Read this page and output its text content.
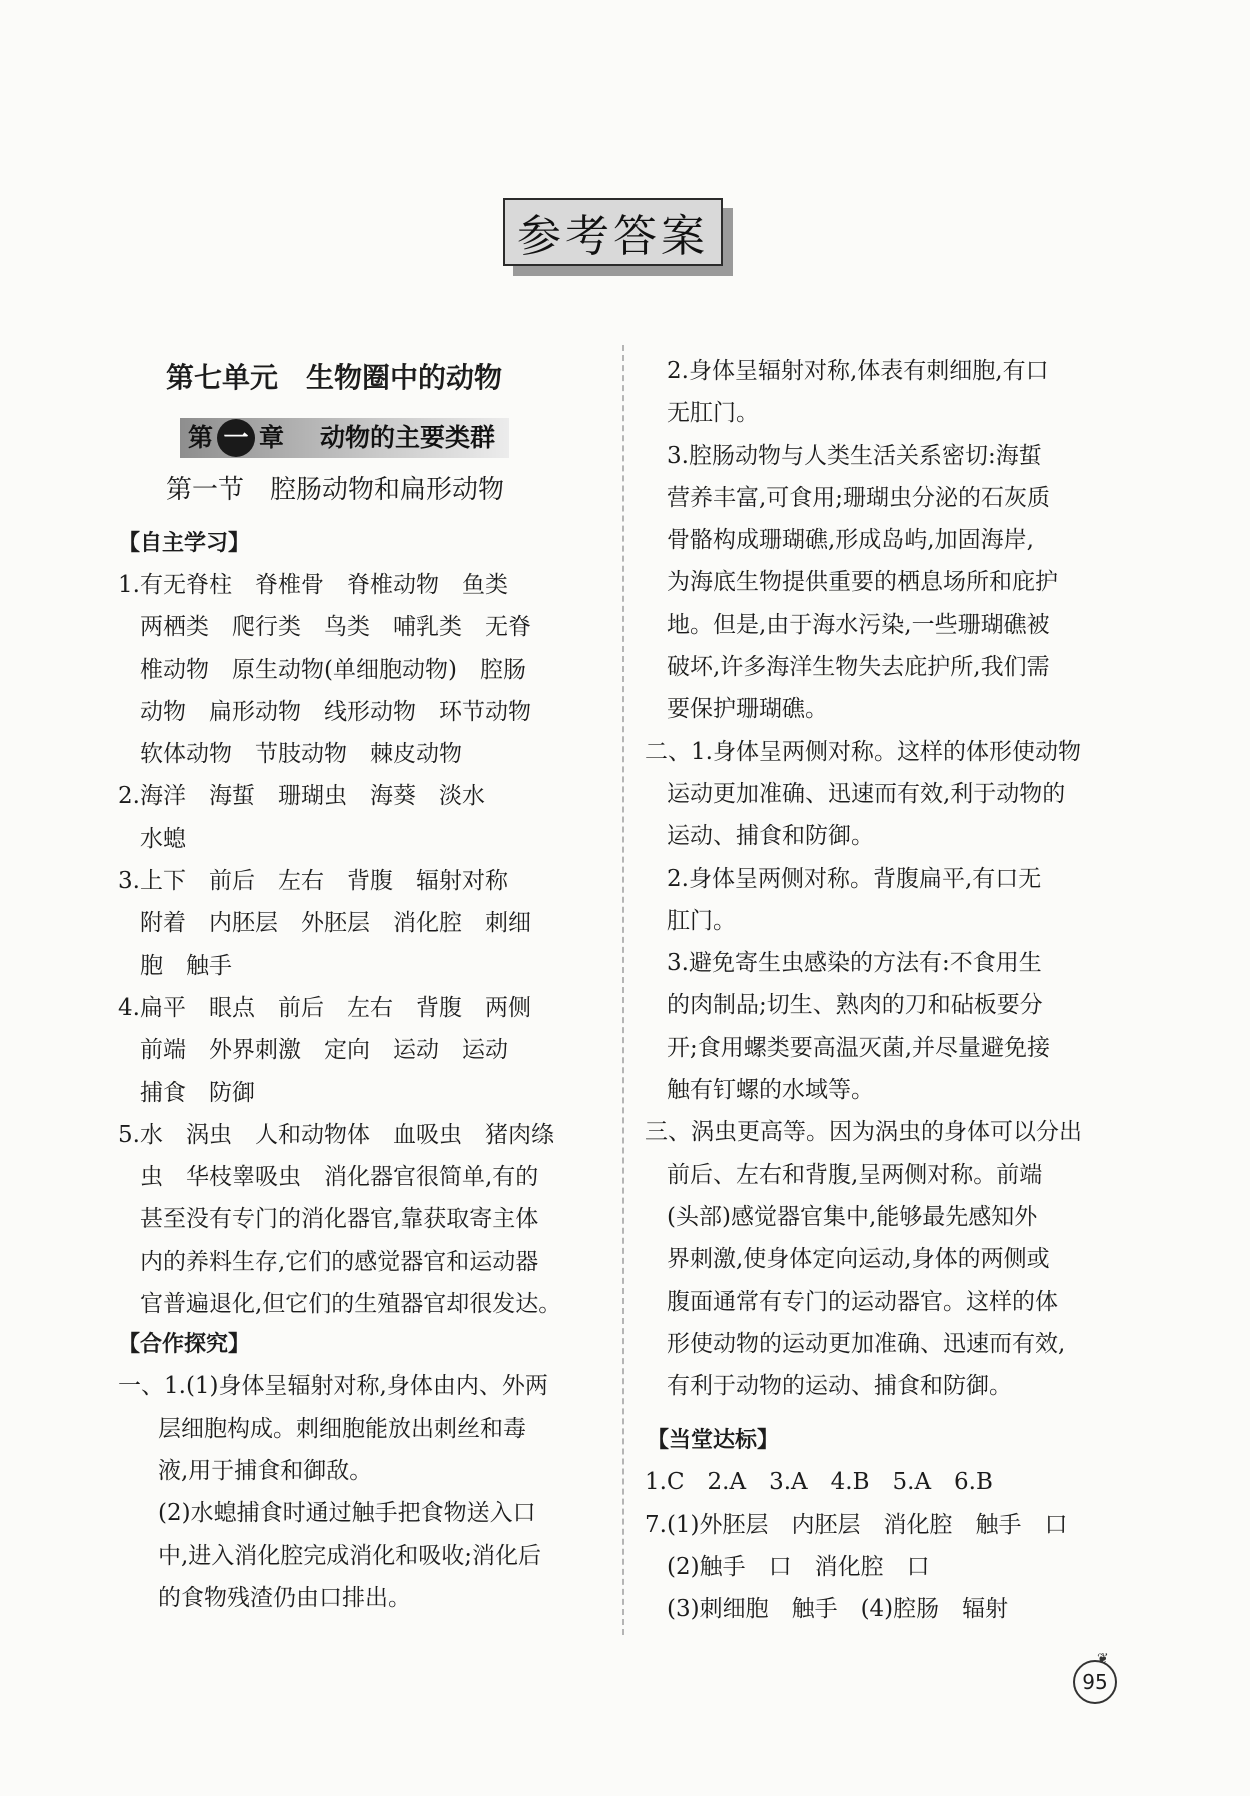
参考答案
第七单元　生物圈中的动物
第 一 章 动物的主要类群
第一节　腔肠动物和扁形动物
【自主学习】

1.有无脊柱　脊椎骨　脊椎动物　鱼类

两栖类　爬行类　鸟类　哺乳类　无脊

椎动物　原生动物(单细胞动物)　腔肠

动物　扁形动物　线形动物　环节动物

软体动物　节肢动物　棘皮动物

2.海洋　海蜇　珊瑚虫　海葵　淡水

水螅

3.上下　前后　左右　背腹　辐射对称

附着　内胚层　外胚层　消化腔　刺细

胞　触手

4.扁平　眼点　前后　左右　背腹　两侧

前端　外界刺激　定向　运动　运动

捕食　防御

5.水　涡虫　人和动物体　血吸虫　猪肉绦

虫　华枝睾吸虫　消化器官很简单,有的

甚至没有专门的消化器官,靠获取寄主体

内的养料生存,它们的感觉器官和运动器

官普遍退化,但它们的生殖器官却很发达。

【合作探究】

一、1.(1)身体呈辐射对称,身体由内、外两

层细胞构成。刺细胞能放出刺丝和毒

液,用于捕食和御敌。

(2)水螅捕食时通过触手把食物送入口

中,进入消化腔完成消化和吸收;消化后

的食物残渣仍由口排出。

2.身体呈辐射对称,体表有刺细胞,有口

无肛门。

3.腔肠动物与人类生活关系密切:海蜇

营养丰富,可食用;珊瑚虫分泌的石灰质

骨骼构成珊瑚礁,形成岛屿,加固海岸,

为海底生物提供重要的栖息场所和庇护

地。但是,由于海水污染,一些珊瑚礁被

破坏,许多海洋生物失去庇护所,我们需

要保护珊瑚礁。

二、1.身体呈两侧对称。这样的体形使动物

运动更加准确、迅速而有效,利于动物的

运动、捕食和防御。

2.身体呈两侧对称。背腹扁平,有口无

肛门。

3.避免寄生虫感染的方法有:不食用生

的肉制品;切生、熟肉的刀和砧板要分

开;食用螺类要高温灭菌,并尽量避免接

触有钉螺的水域等。

三、涡虫更高等。因为涡虫的身体可以分出

前后、左右和背腹,呈两侧对称。前端

(头部)感觉器官集中,能够最先感知外

界刺激,使身体定向运动,身体的两侧或

腹面通常有专门的运动器官。这样的体

形使动物的运动更加准确、迅速而有效,

有利于动物的运动、捕食和防御。

【当堂达标】

1.C　2.A　3.A　4.B　5.A　6.B

7.(1)外胚层　内胚层　消化腔　触手　口

(2)触手　口　消化腔　口

(3)刺细胞　触手　(4)腔肠　辐射

❦
95
